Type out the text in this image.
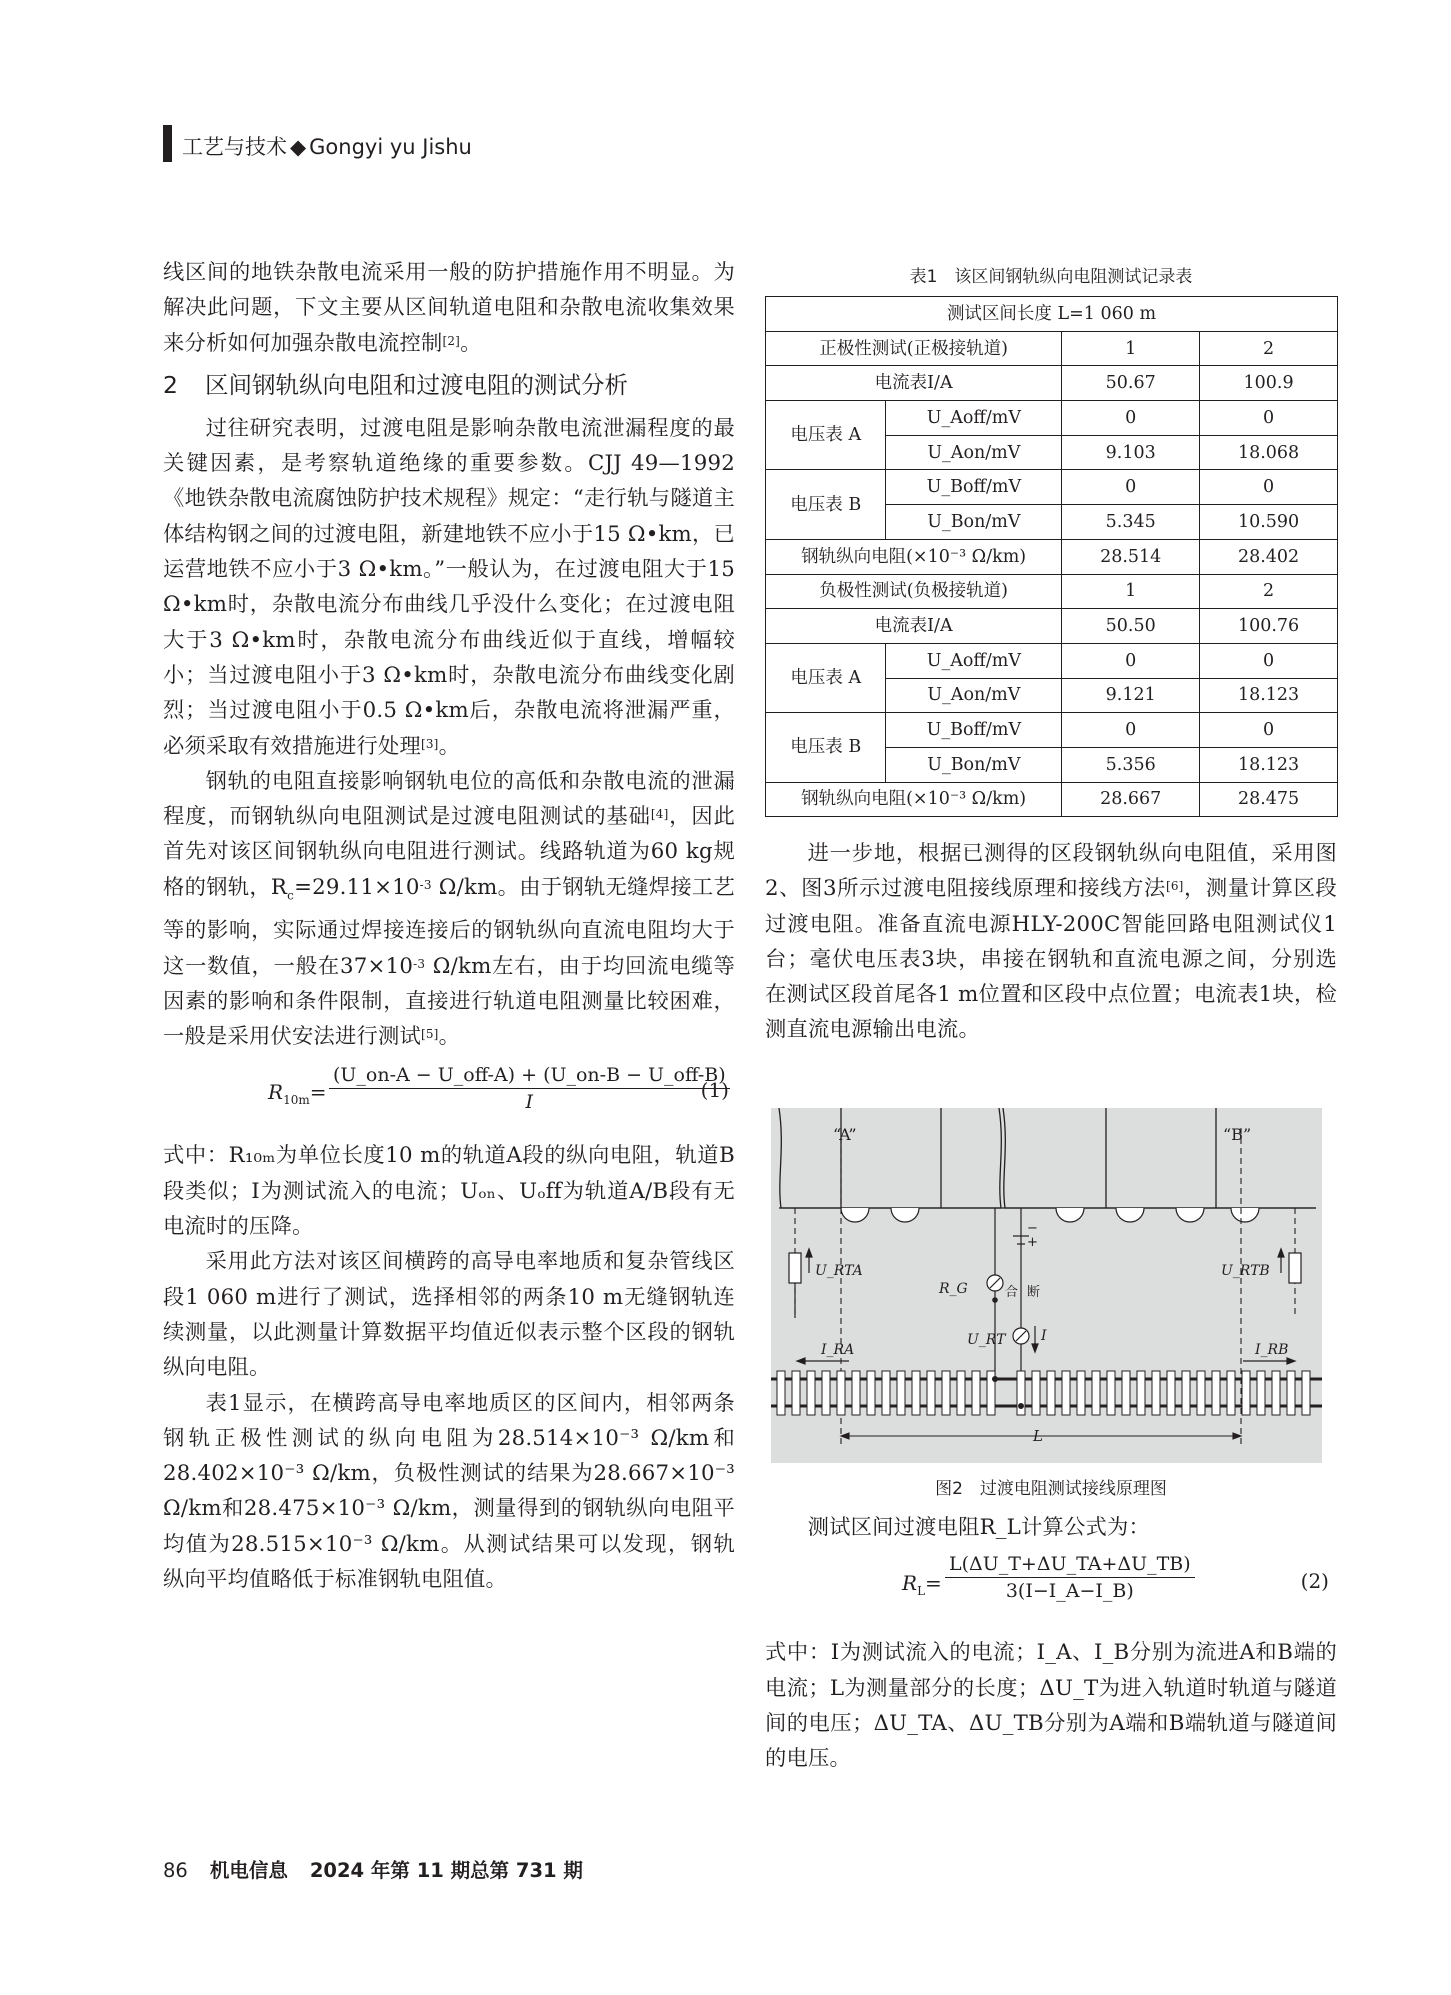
工艺与技术 ◆ Gongyi yu Jishu

线区间的地铁杂散电流采用一般的防护措施作用不明显。为解决此问题，下文主要从区间轨道电阻和杂散电流收集效果来分析如何加强杂散电流控制[2]。

2 区间钢轨纵向电阻和过渡电阻的测试分析

过往研究表明，过渡电阻是影响杂散电流泄漏程度的最关键因素，是考察轨道绝缘的重要参数。CJJ 49—1992《地铁杂散电流腐蚀防护技术规程》规定：“走行轨与隧道主体结构钢之间的过渡电阻，新建地铁不应小于15 Ω•km，已运营地铁不应小于3 Ω•km。”一般认为，在过渡电阻大于15 Ω•km时，杂散电流分布曲线几乎没什么变化；在过渡电阻大于3 Ω•km时，杂散电流分布曲线近似于直线，增幅较小；当过渡电阻小于3 Ω•km时，杂散电流分布曲线变化剧烈；当过渡电阻小于0.5 Ω•km后，杂散电流将泄漏严重，必须采取有效措施进行处理[3]。

钢轨的电阻直接影响钢轨电位的高低和杂散电流的泄漏程度，而钢轨纵向电阻测试是过渡电阻测试的基础[4]，因此首先对该区间钢轨纵向电阻进行测试。线路轨道为60 kg规格的钢轨，$R_c=29.11\times 10^{-3}$ Ω/km。由于钢轨无缝焊接工艺等的影响，实际通过焊接连接后的钢轨纵向直流电阻均大于这一数值，一般在$37\times 10^{-3}$ Ω/km左右，由于均回流电缆等因素的影响和条件限制，直接进行轨道电阻测量比较困难，一般是采用伏安法进行测试[5]。

$R_{10m}=$
(U_on-A − U_off-A) + (U_on-B − U_off-B)
I	(1)

式中：R₁₀ₘ为单位长度10 m的轨道A段的纵向电阻，轨道B段类似；I为测试流入的电流；Uₒₙ、Uₒff为轨道A/B段有无电流时的压降。

采用此方法对该区间横跨的高导电率地质和复杂管线区段1 060 m进行了测试，选择相邻的两条10 m无缝钢轨连续测量，以此测量计算数据平均值近似表示整个区段的钢轨纵向电阻。

表1显示，在横跨高导电率地质区的区间内，相邻两条钢轨正极性测试的纵向电阻为28.514×10⁻³ Ω/km和28.402×10⁻³ Ω/km，负极性测试的结果为28.667×10⁻³ Ω/km和28.475×10⁻³ Ω/km，测量得到的钢轨纵向电阻平均值为28.515×10⁻³ Ω/km。从测试结果可以发现，钢轨纵向平均值略低于标准钢轨电阻值。

表1　该区间钢轨纵向电阻测试记录表
测试区间长度 L=1 060 m			
正极性测试(正极接轨道)		1	2
电流表I/A		50.67	100.9
电压表 A	U_Aoff/mV	0	0
	U_Aon/mV	9.103	18.068
电压表 B	U_Boff/mV	0	0
	U_Bon/mV	5.345	10.590
钢轨纵向电阻(×10⁻³ Ω/km)		28.514	28.402
负极性测试(负极接轨道)		1	2
电流表I/A		50.50	100.76
电压表 A	U_Aoff/mV	0	0
	U_Aon/mV	9.121	18.123
电压表 B	U_Boff/mV	0	0
	U_Bon/mV	5.356	18.123
钢轨纵向电阻(×10⁻³ Ω/km)		28.667	28.475

进一步地，根据已测得的区段钢轨纵向电阻值，采用图2、图3所示过渡电阻接线原理和接线方法[6]，测量计算区段过渡电阻。准备直流电源HLY-200C智能回路电阻测试仪1台；毫伏电压表3块，串接在钢轨和直流电源之间，分别选在测试区段首尾各1 m位置和区段中点位置；电流表1块，检测直流电源输出电流。

“A”	“B”
U_RTA	U_RTB
R_G
U_RT	I
−
+
合 断
I_RA	I_RB
L
图2　过渡电阻测试接线原理图

测试区间过渡电阻R_L计算公式为：

$R_L= \frac{L(\Delta U\_T+\Delta U\_TA+\Delta U\_TB)}{3(I-I\_A-I\_B)}$	(2)

式中：I为测试流入的电流；I_A、I_B分别为流进A和B端的电流；L为测量部分的长度；ΔU_T为进入轨道时轨道与隧道间的电压；ΔU_TA、ΔU_TB分别为A端和B端轨道与隧道间的电压。

86 机电信息 2024 年第 11 期总第 731 期
